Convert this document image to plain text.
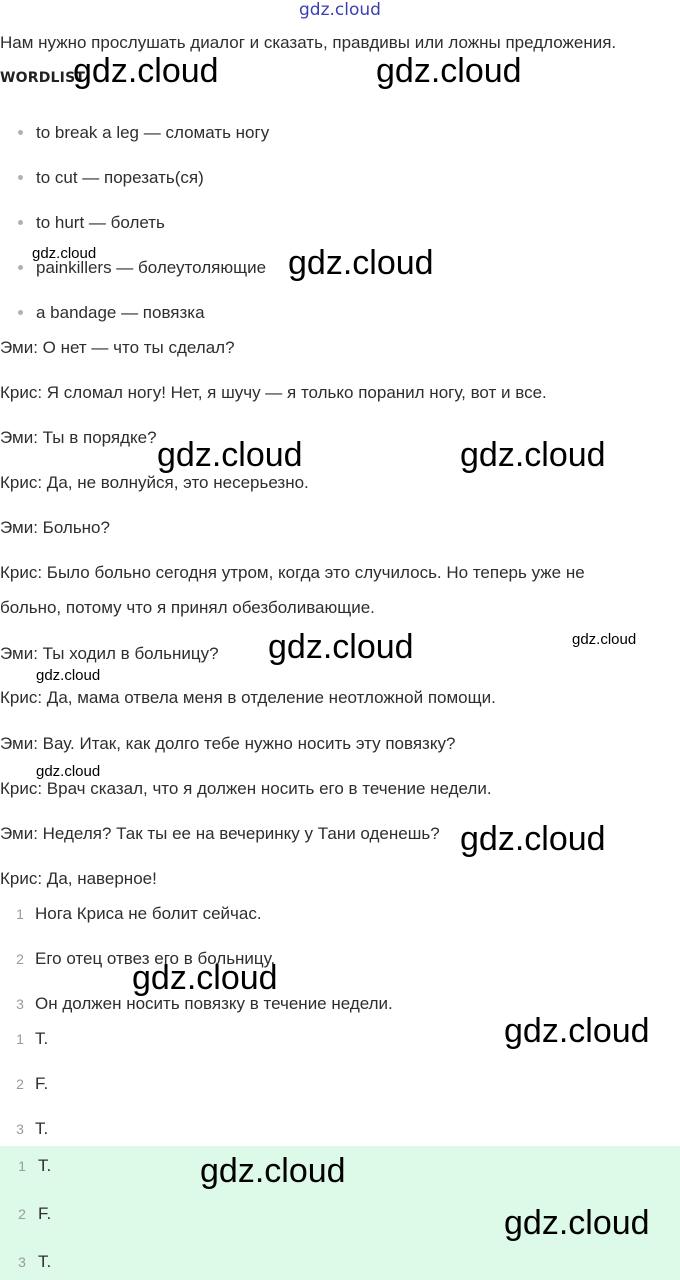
gdz.cloud
Нам нужно прослушать диалог и сказать, правдивы или ложны предложения.
WORDLIST
to break a leg — сломать ногу
to cut — порезать(ся)
to hurt — болеть
painkillers — болеутоляющие
a bandage — повязка
Эми: О нет — что ты сделал?
Крис: Я сломал ногу! Нет, я шучу — я только поранил ногу, вот и все.
Эми: Ты в порядке?
Крис: Да, не волнуйся, это несерьезно.
Эми: Больно?
Крис: Было больно сегодня утром, когда это случилось. Но теперь уже не
больно, потому что я принял обезболивающие.
Эми: Ты ходил в больницу?
Крис: Да, мама отвела меня в отделение неотложной помощи.
Эми: Вау. Итак, как долго тебе нужно носить эту повязку?
Крис: Врач сказал, что я должен носить его в течение недели.
Эми: Неделя? Так ты ее на вечеринку у Тани оденешь?
Крис: Да, наверное!
1 Нога Криса не болит сейчас.
2 Его отец отвез его в больницу.
3 Он должен носить повязку в течение недели.
1 T.
2 F.
3 T.
1 T.
2 F.
3 T.
gdz.cloud	gdz.cloud
gdz.cloud	gdz.cloud
gdz.cloud	gdz.cloud
gdz.cloud	gdz.cloud
gdz.cloud
gdz.cloud
gdz.cloud
gdz.cloud
gdz.cloud
gdz.cloud
gdz.cloud
